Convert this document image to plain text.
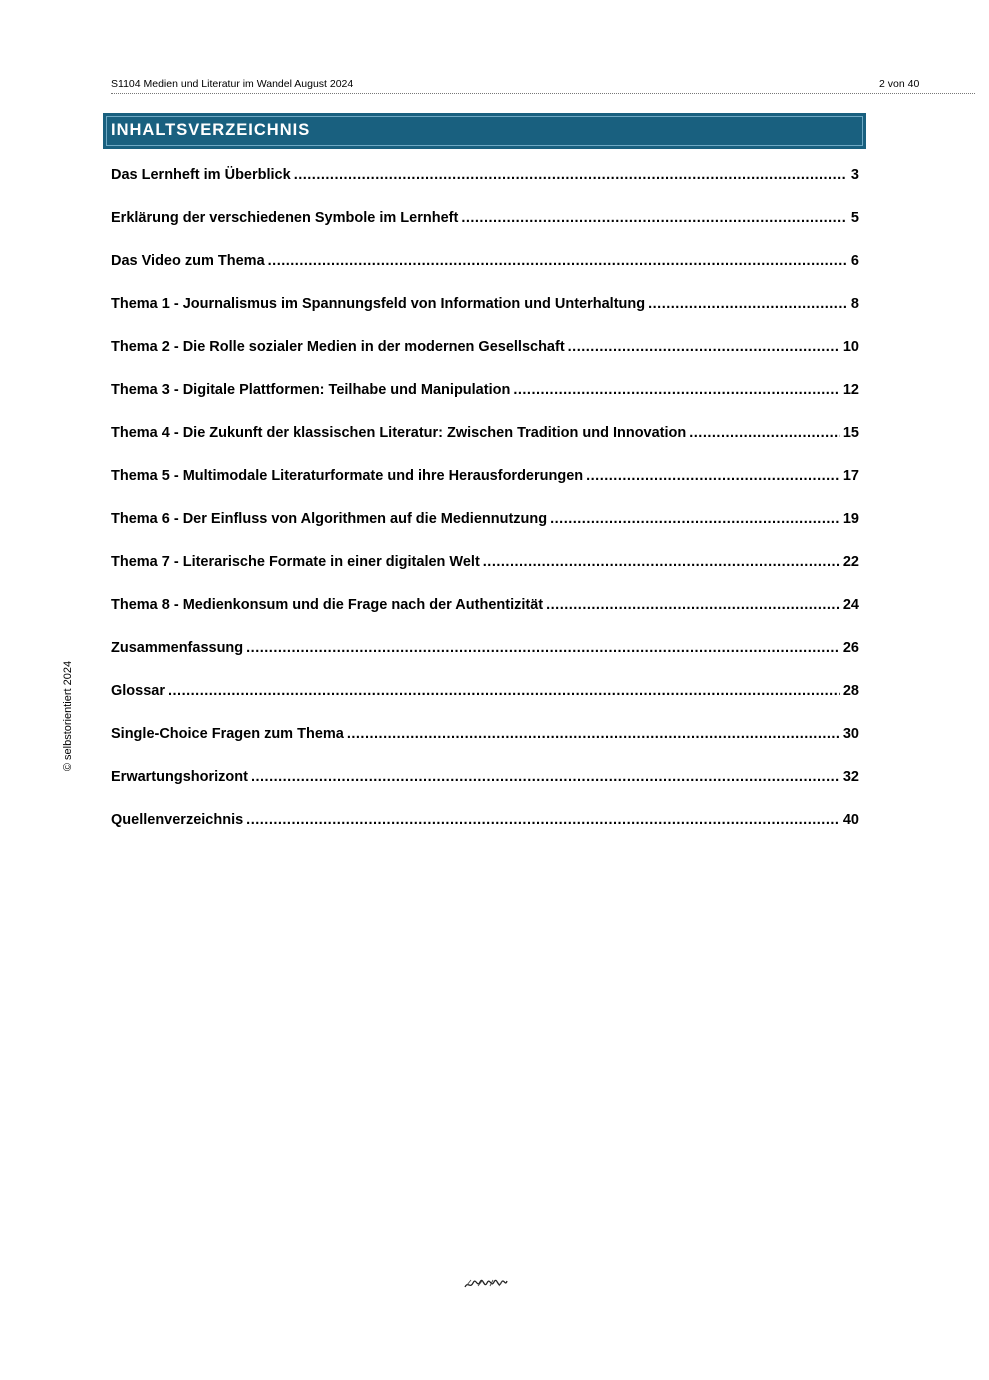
S1104 Medien und Literatur im Wandel August 2024	2 von 40
INHALTSVERZEICHNIS
Das Lernheft im Überblick .....	3
Erklärung der verschiedenen Symbole im Lernheft .....	5
Das Video zum Thema .....	6
Thema 1 - Journalismus im Spannungsfeld von Information und Unterhaltung .....	8
Thema 2 - Die Rolle sozialer Medien in der modernen Gesellschaft .....	10
Thema 3 - Digitale Plattformen: Teilhabe und Manipulation .....	12
Thema 4 - Die Zukunft der klassischen Literatur: Zwischen Tradition und Innovation .....	15
Thema 5 - Multimodale Literaturformate und ihre Herausforderungen .....	17
Thema 6 - Der Einfluss von Algorithmen auf die Mediennutzung .....	19
Thema 7 - Literarische Formate in einer digitalen Welt .....	22
Thema 8 - Medienkonsum und die Frage nach der Authentizität .....	24
Zusammenfassung .....	26
Glossar .....	28
Single-Choice Fragen zum Thema .....	30
Erwartungshorizont .....	32
Quellenverzeichnis .....	40
© selbstorientiert 2024
